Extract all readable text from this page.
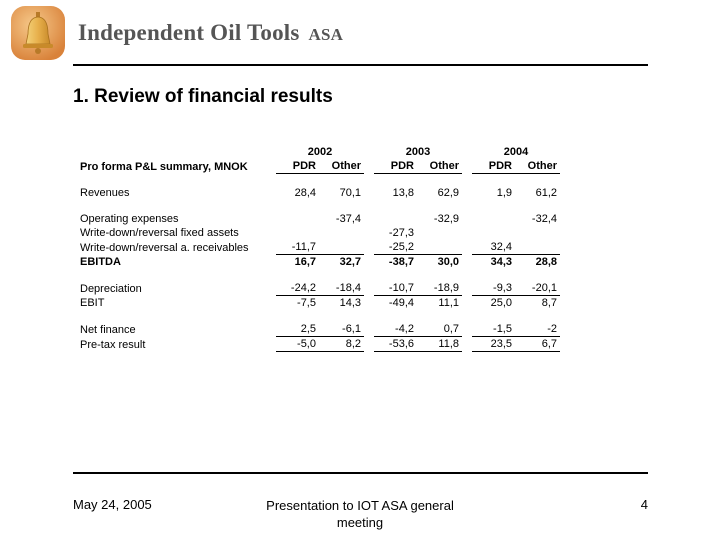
Independent Oil Tools ASA
1. Review of financial results
	2002			2003			2004	
Pro forma P&L summary, MNOK	PDR	Other		PDR	Other		PDR	Other

Revenues	28,4	70,1		13,8	62,9		1,9	61,2

Operating expenses		-37,4			-32,9			-32,4
Write-down/reversal fixed assets				-27,3				
Write-down/reversal a. receivables	-11,7			-25,2			32,4	
EBITDA	16,7	32,7		-38,7	30,0		34,3	28,8

Depreciation	-24,2	-18,4		-10,7	-18,9		-9,3	-20,1
EBIT	-7,5	14,3		-49,4	11,1		25,0	8,7

Net finance	2,5	-6,1		-4,2	0,7		-1,5	-2
Pre-tax result	-5,0	8,2		-53,6	11,8		23,5	6,7
May 24, 2005	Presentation to IOT ASA general meeting
4
